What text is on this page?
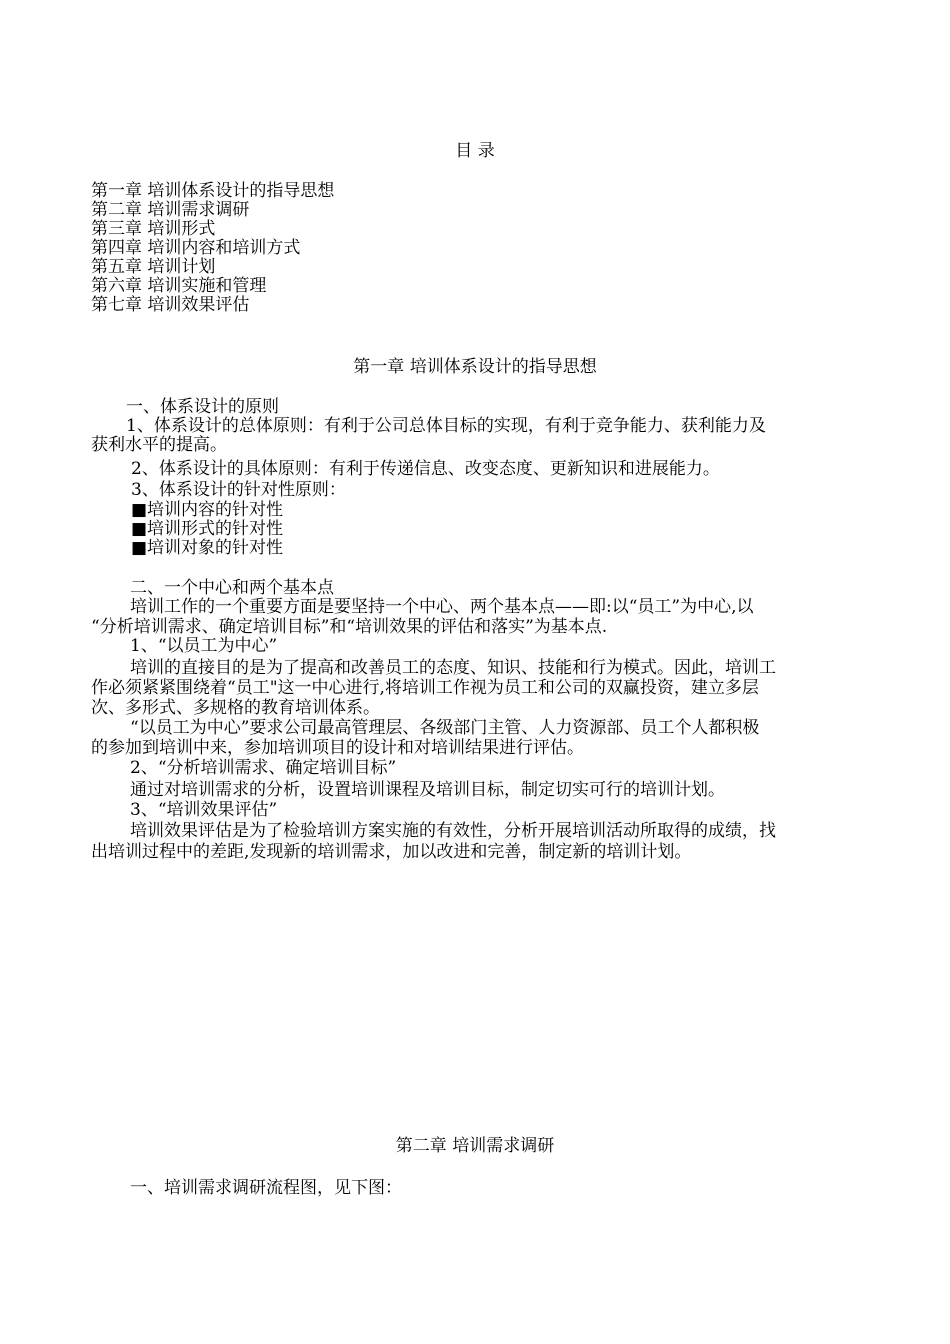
目 录
第一章 培训体系设计的指导思想
第二章 培训需求调研
第三章 培训形式
第四章 培训内容和培训方式
第五章 培训计划
第六章 培训实施和管理
第七章 培训效果评估
第一章 培训体系设计的指导思想
一、体系设计的原则
1、体系设计的总体原则：有利于公司总体目标的实现，有利于竞争能力、获利能力及
获利水平的提高。
2、体系设计的具体原则：有利于传递信息、改变态度、更新知识和进展能力。
3、体系设计的针对性原则：
■培训内容的针对性
■培训形式的针对性
■培训对象的针对性
二、一个中心和两个基本点
培训工作的一个重要方面是要坚持一个中心、两个基本点——即:以“员工”为中心,以
“分析培训需求、确定培训目标”和“培训效果的评估和落实”为基本点.
1、“以员工为中心”
培训的直接目的是为了提高和改善员工的态度、知识、技能和行为模式。因此，培训工
作必须紧紧围绕着“员工"这一中心进行,将培训工作视为员工和公司的双赢投资，建立多层
次、多形式、多规格的教育培训体系。
“以员工为中心”要求公司最高管理层、各级部门主管、人力资源部、员工个人都积极
的参加到培训中来，参加培训项目的设计和对培训结果进行评估。
2、“分析培训需求、确定培训目标”
通过对培训需求的分析，设置培训课程及培训目标，制定切实可行的培训计划。
3、“培训效果评估”
培训效果评估是为了检验培训方案实施的有效性，分析开展培训活动所取得的成绩，找
出培训过程中的差距,发现新的培训需求，加以改进和完善，制定新的培训计划。
第二章 培训需求调研
一、培训需求调研流程图，见下图：
